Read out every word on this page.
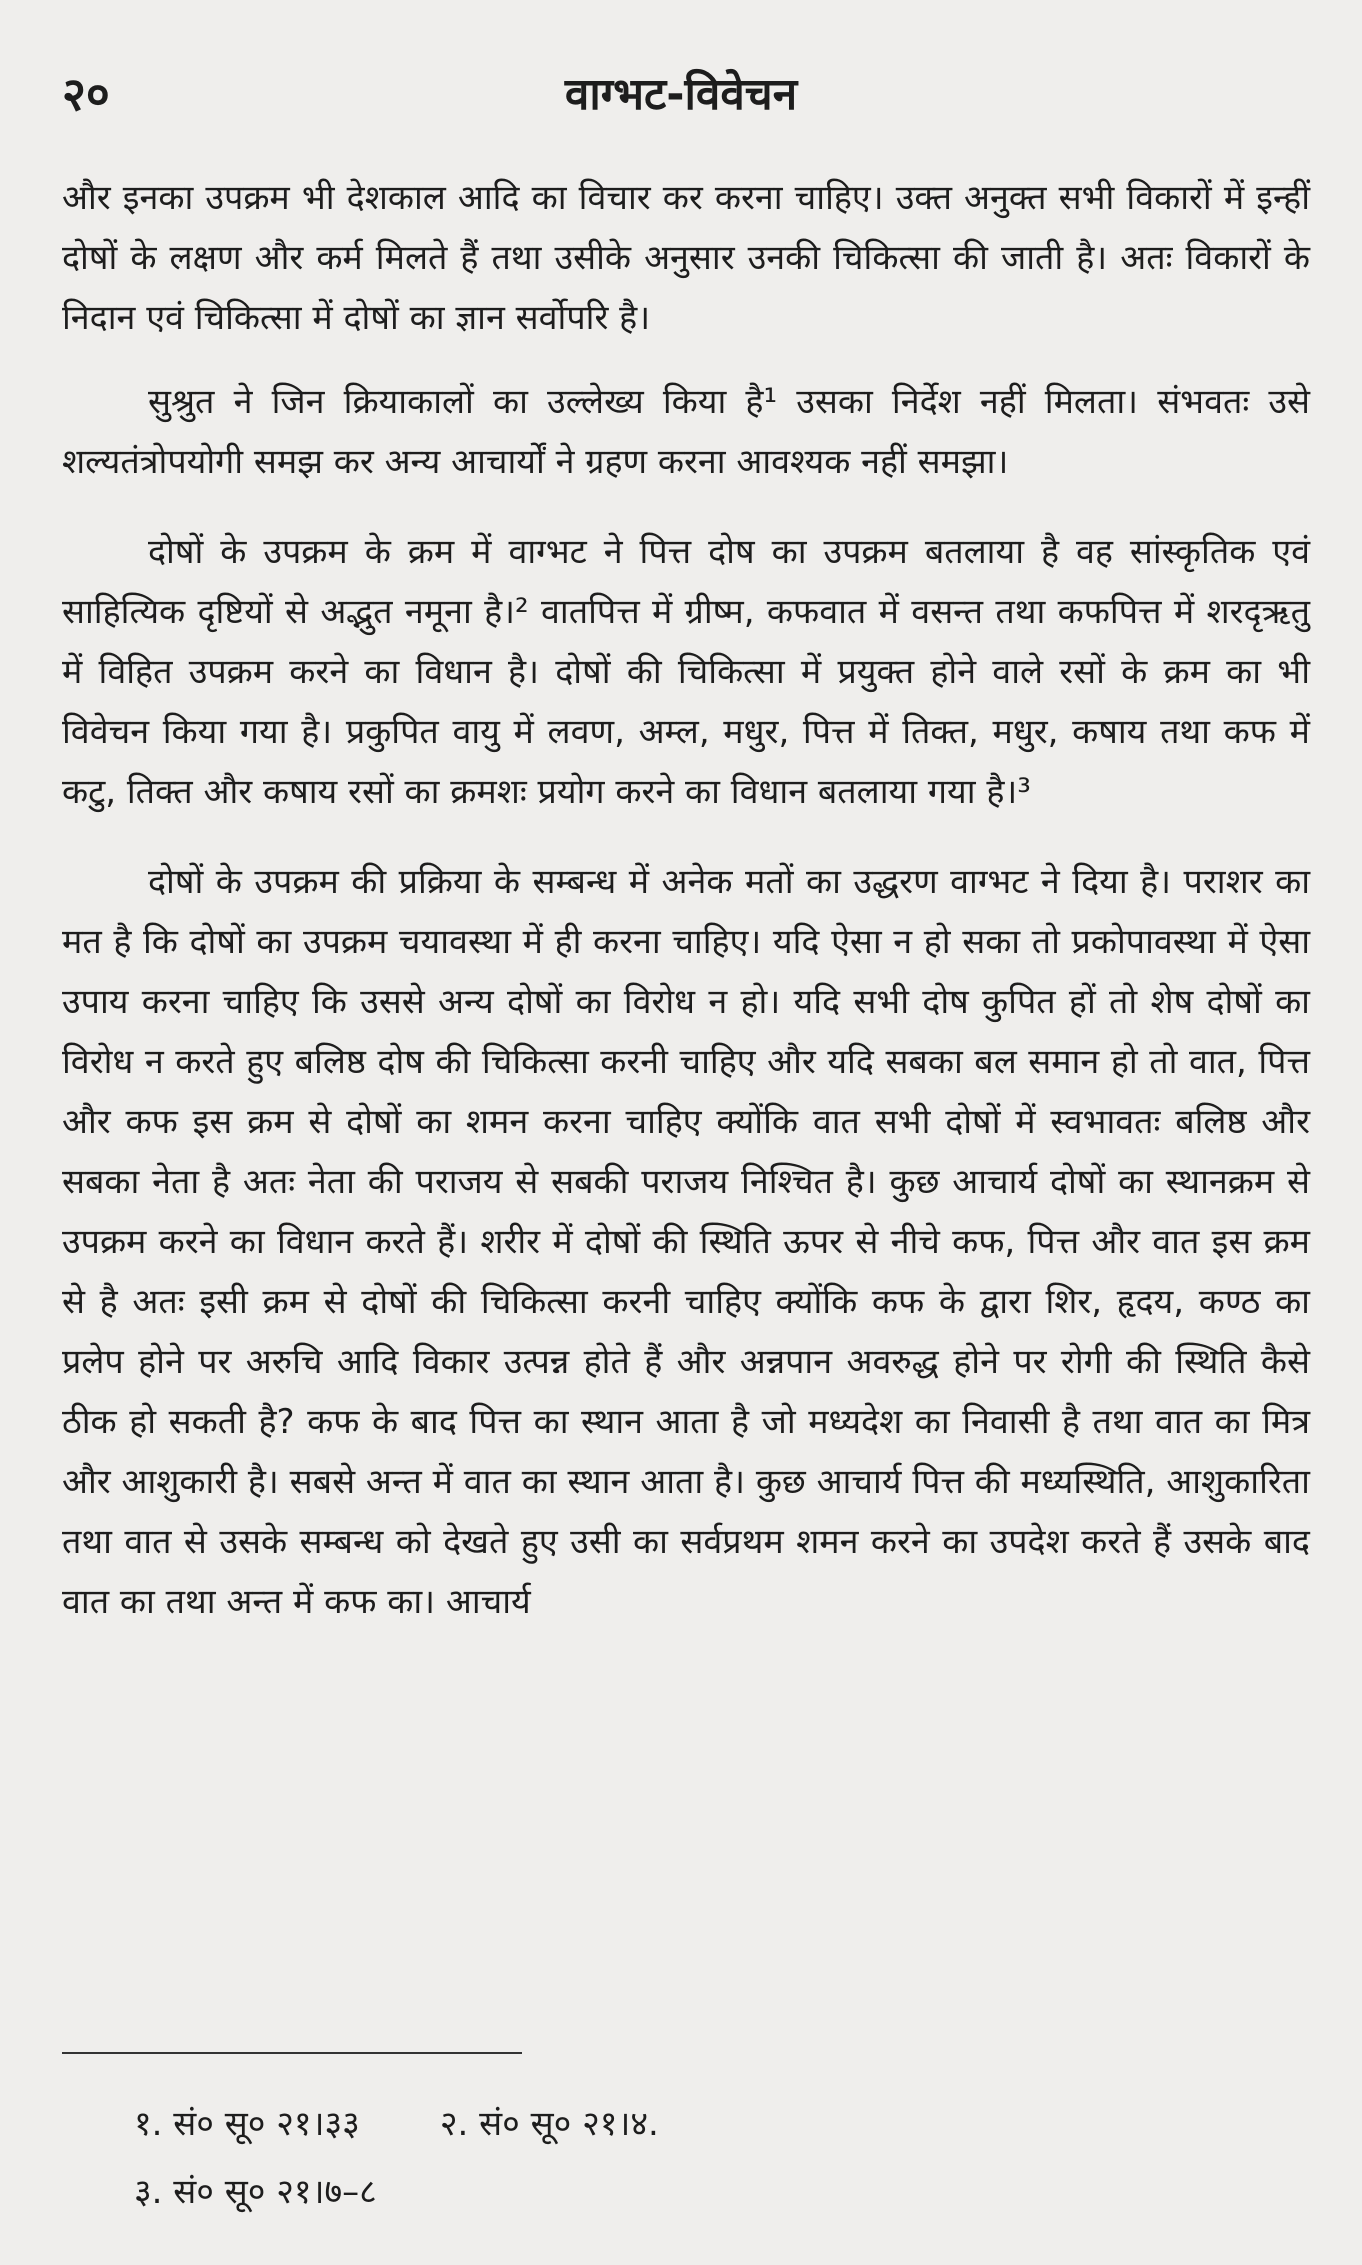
२०	वाग्भट-विवेचन

और इनका उपक्रम भी देशकाल आदि का विचार कर करना चाहिए। उक्त अनुक्त सभी विकारों में इन्हीं दोषों के लक्षण और कर्म मिलते हैं तथा उसीके अनुसार उनकी चिकित्सा की जाती है। अतः विकारों के निदान एवं चिकित्सा में दोषों का ज्ञान सर्वोपरि है।

सुश्रुत ने जिन क्रियाकालों का उल्लेख्य किया है¹ उसका निर्देश नहीं मिलता। संभवतः उसे शल्यतंत्रोपयोगी समझ कर अन्य आचार्यों ने ग्रहण करना आवश्यक नहीं समझा।

दोषों के उपक्रम के क्रम में वाग्भट ने पित्त दोष का उपक्रम बतलाया है वह सांस्कृतिक एवं साहित्यिक दृष्टियों से अद्भुत नमूना है।² वातपित्त में ग्रीष्म, कफवात में वसन्त तथा कफपित्त में शरदृऋतु में विहित उपक्रम करने का विधान है। दोषों की चिकित्सा में प्रयुक्त होने वाले रसों के क्रम का भी विवेचन किया गया है। प्रकुपित वायु में लवण, अम्ल, मधुर, पित्त में तिक्त, मधुर, कषाय तथा कफ में कटु, तिक्त और कषाय रसों का क्रमशः प्रयोग करने का विधान बतलाया गया है।³

दोषों के उपक्रम की प्रक्रिया के सम्बन्ध में अनेक मतों का उद्धरण वाग्भट ने दिया है। पराशर का मत है कि दोषों का उपक्रम चयावस्था में ही करना चाहिए। यदि ऐसा न हो सका तो प्रकोपावस्था में ऐसा उपाय करना चाहिए कि उससे अन्य दोषों का विरोध न हो। यदि सभी दोष कुपित हों तो शेष दोषों का विरोध न करते हुए बलिष्ठ दोष की चिकित्सा करनी चाहिए और यदि सबका बल समान हो तो वात, पित्त और कफ इस क्रम से दोषों का शमन करना चाहिए क्योंकि वात सभी दोषों में स्वभावतः बलिष्ठ और सबका नेता है अतः नेता की पराजय से सबकी पराजय निश्चित है। कुछ आचार्य दोषों का स्थानक्रम से उपक्रम करने का विधान करते हैं। शरीर में दोषों की स्थिति ऊपर से नीचे कफ, पित्त और वात इस क्रम से है अतः इसी क्रम से दोषों की चिकित्सा करनी चाहिए क्योंकि कफ के द्वारा शिर, हृदय, कण्ठ का प्रलेप होने पर अरुचि आदि विकार उत्पन्न होते हैं और अन्नपान अवरुद्ध होने पर रोगी की स्थिति कैसे ठीक हो सकती है? कफ के बाद पित्त का स्थान आता है जो मध्यदेश का निवासी है तथा वात का मित्र और आशुकारी है। सबसे अन्त में वात का स्थान आता है। कुछ आचार्य पित्त की मध्यस्थिति, आशुकारिता तथा वात से उसके सम्बन्ध को देखते हुए उसी का सर्वप्रथम शमन करने का उपदेश करते हैं उसके बाद वात का तथा अन्त में कफ का। आचार्य

१. सं० सू० २१।३३ २. सं० सू० २१।४.
३. सं० सू० २१।७–८
